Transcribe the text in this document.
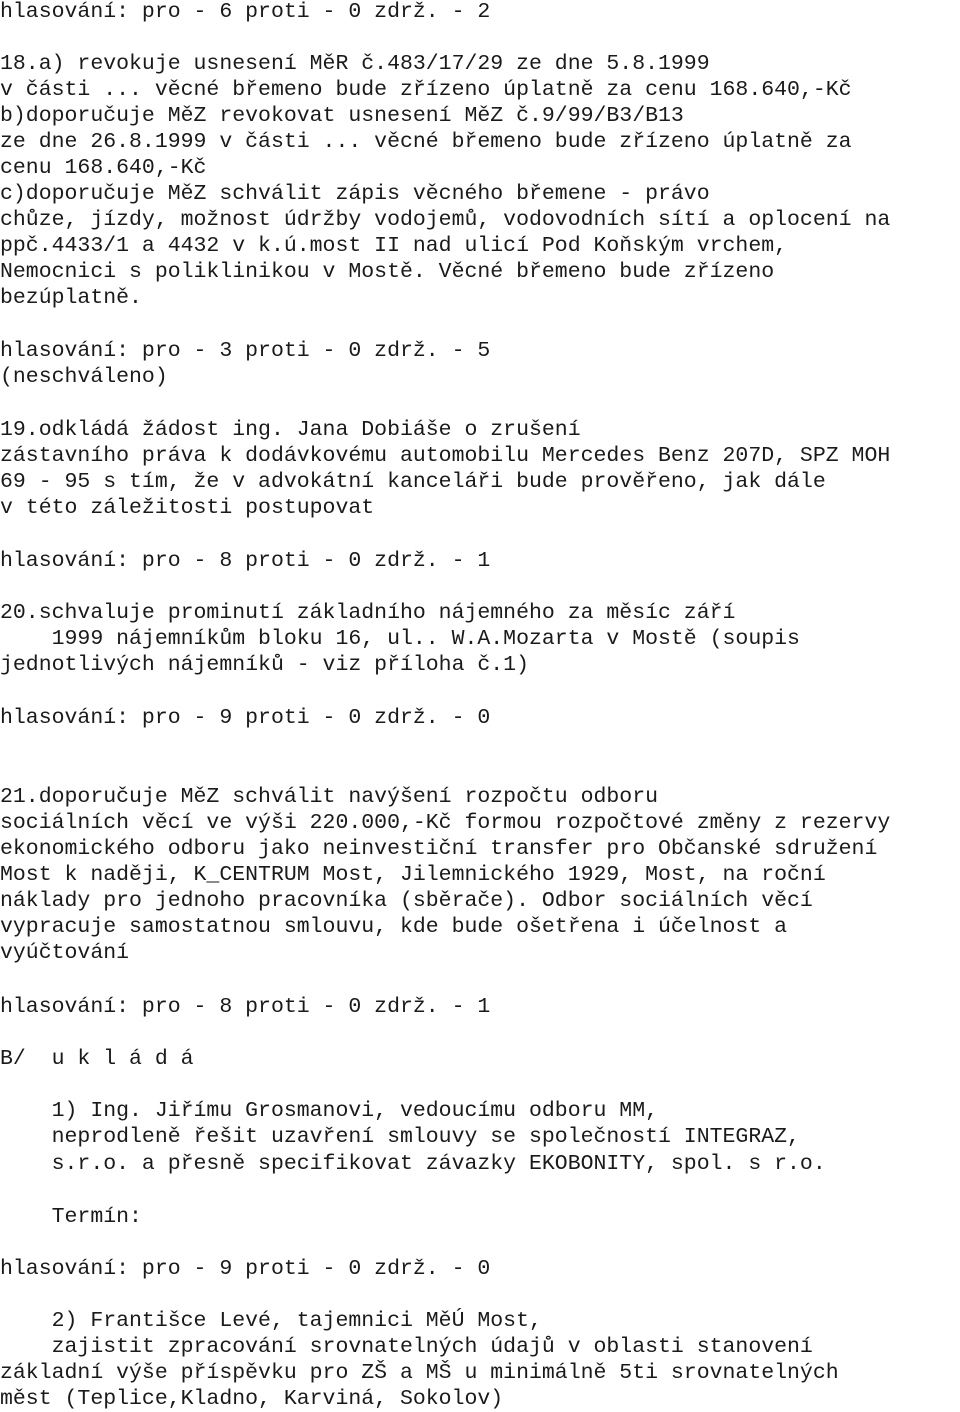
hlasování: pro - 6 proti - 0 zdrž. - 2

18.a) revokuje usnesení MěR č.483/17/29 ze dne 5.8.1999

v části ... věcné břemeno bude zřízeno úplatně za cenu 168.640,-Kč

b)doporučuje MěZ revokovat usnesení MěZ č.9/99/B3/B13

ze dne 26.8.1999 v části ... věcné břemeno bude zřízeno úplatně za

cenu 168.640,-Kč

c)doporučuje MěZ schválit zápis věcného břemene - právo

chůze, jízdy, možnost údržby vodojemů, vodovodních sítí a oplocení na

ppč.4433/1 a 4432 v k.ú.most II nad ulicí Pod Koňským vrchem,

Nemocnici s poliklinikou v Mostě. Věcné břemeno bude zřízeno

bezúplatně.

hlasování: pro - 3 proti - 0 zdrž. - 5

(neschváleno)

19.odkládá žádost ing. Jana Dobiáše o zrušení

zástavního práva k dodávkovému automobilu Mercedes Benz 207D, SPZ MOH

69 - 95 s tím, že v advokátní kanceláři bude prověřeno, jak dále

v této záležitosti postupovat

hlasování: pro - 8 proti - 0 zdrž. - 1

20.schvaluje prominutí základního nájemného za měsíc září

1999 nájemníkům bloku 16, ul.. W.A.Mozarta v Mostě (soupis

jednotlivých nájemníků - viz příloha č.1)

hlasování: pro - 9 proti - 0 zdrž. - 0

21.doporučuje MěZ schválit navýšení rozpočtu odboru

sociálních věcí ve výši 220.000,-Kč formou rozpočtové změny z rezervy

ekonomického odboru jako neinvestiční transfer pro Občanské sdružení

Most k naději, K_CENTRUM Most, Jilemnického 1929, Most, na roční

náklady pro jednoho pracovníka (sběrače). Odbor sociálních věcí

vypracuje samostatnou smlouvu, kde bude ošetřena i účelnost a

vyúčtování

hlasování: pro - 8 proti - 0 zdrž. - 1

B/  u k l á d á

1) Ing. Jiřímu Grosmanovi, vedoucímu odboru MM,

neprodleně řešit uzavření smlouvy se společností INTEGRAZ,

s.r.o. a přesně specifikovat závazky EKOBONITY, spol. s r.o.

Termín:

hlasování: pro - 9 proti - 0 zdrž. - 0

2) Františce Levé, tajemnici MěÚ Most,

zajistit zpracování srovnatelných údajů v oblasti stanovení

základní výše příspěvku pro ZŠ a MŠ u minimálně 5ti srovnatelných

měst (Teplice,Kladno, Karviná, Sokolov)
